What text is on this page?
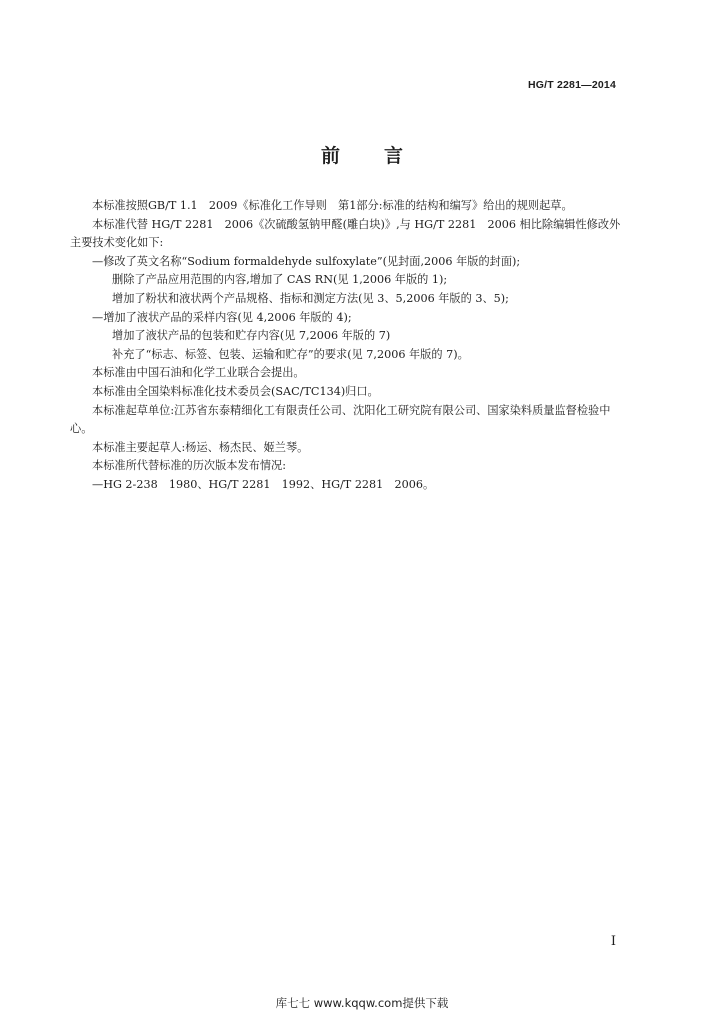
HG/T 2281—2014
前 言

本标准按照GB/T 1.1　2009《标准化工作导则　第1部分:标准的结构和编写》给出的规则起草。

本标准代替 HG/T 2281　2006《次硫酸氢钠甲醛(雕白块)》,与 HG/T 2281　2006 相比除编辑性修改外主要技术变化如下:

—修改了英文名称“Sodium formaldehyde sulfoxylate”(见封面,2006 年版的封面);

删除了产品应用范围的内容,增加了 CAS RN(见 1,2006 年版的 1);

增加了粉状和液状两个产品规格、指标和测定方法(见 3、5,2006 年版的 3、5);

—增加了液状产品的采样内容(见 4,2006 年版的 4);

增加了液状产品的包装和贮存内容(见 7,2006 年版的 7)

补充了“标志、标签、包装、运输和贮存”的要求(见 7,2006 年版的 7)。

本标准由中国石油和化学工业联合会提出。

本标准由全国染料标准化技术委员会(SAC/TC134)归口。

本标准起草单位:江苏省东泰精细化工有限责任公司、沈阳化工研究院有限公司、国家染料质量监督检验中心。

本标准主要起草人:杨运、杨杰民、姬兰琴。

本标准所代替标准的历次版本发布情况:

—HG 2-238　1980、HG/T 2281　1992、HG/T 2281　2006。

I
库七七 www.kqqw.com提供下载
